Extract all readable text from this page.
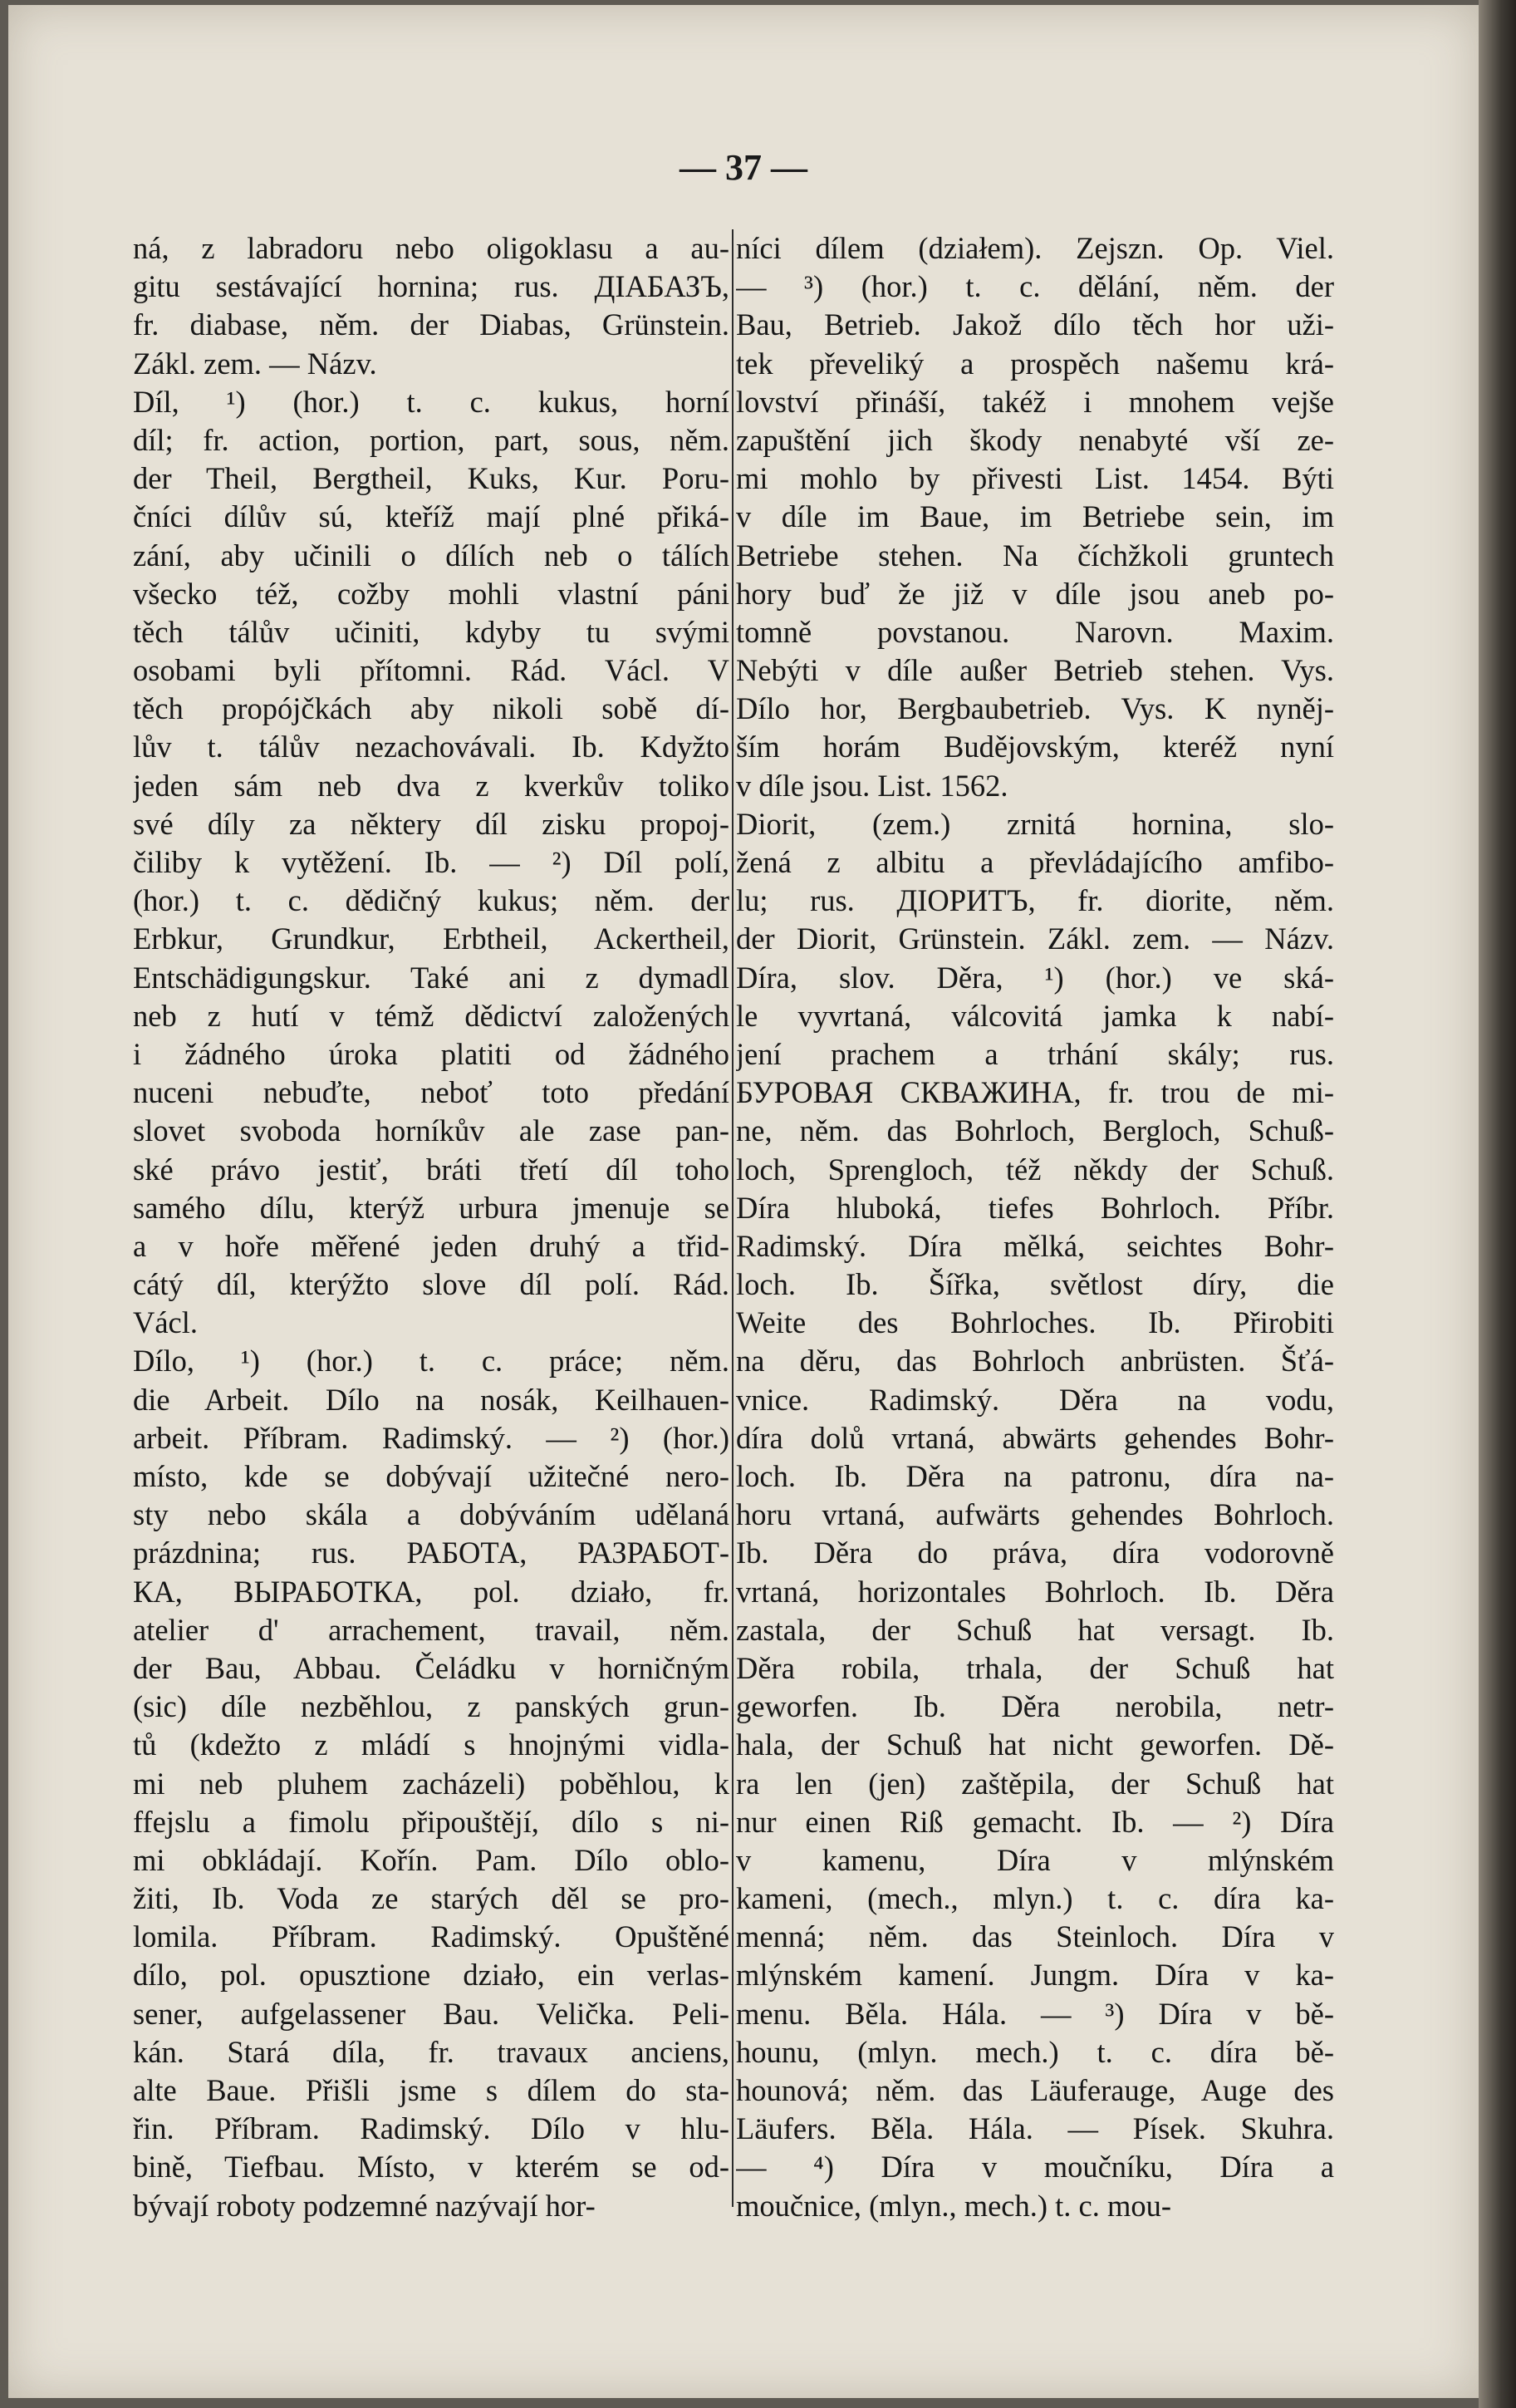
— 37 —
ná, z labradoru nebo oligoklasu a au-
gitu sestávající hornina; rus. ДІАБАЗЪ,
fr. diabase, něm. der Diabas, Grünstein.
Zákl. zem. — Názv.
Díl, ¹) (hor.) t. c. kukus, horní
díl; fr. action, portion, part, sous, něm.
der Theil, Bergtheil, Kuks, Kur. Poru-
čníci dílův sú, kteříž mají plné přiká-
zání, aby učinili o dílích neb o tálích
všecko též, cožby mohli vlastní páni
těch tálův učiniti, kdyby tu svými
osobami byli přítomni. Rád. Václ. V
těch propójčkách aby nikoli sobě dí-
lův t. tálův nezachovávali. Ib. Kdyžto
jeden sám neb dva z kverkův toliko
své díly za některy díl zisku propoj-
čiliby k vytěžení. Ib. — ²) Díl polí,
(hor.) t. c. dědičný kukus; něm. der
Erbkur, Grundkur, Erbtheil, Ackertheil,
Entschädigungskur. Také ani z dymadl
neb z hutí v témž dědictví založených
i žádného úroka platiti od žádného
nuceni nebuďte, neboť toto předání
slovet svoboda horníkův ale zase pan-
ské právo jestiť, bráti třetí díl toho
samého dílu, kterýž urbura jmenuje se
a v hoře měřené jeden druhý a třid-
cátý díl, kterýžto slove díl polí. Rád.
Václ.
Dílo, ¹) (hor.) t. c. práce; něm.
die Arbeit. Dílo na nosák, Keilhauen-
arbeit. Příbram. Radimský. — ²) (hor.)
místo, kde se dobývají užitečné nero-
sty nebo skála a dobýváním udělaná
prázdnina; rus. РАБОТА, РАЗРАБОТ-
КА, ВЫРАБОТКА, pol. działo, fr.
atelier d' arrachement, travail, něm.
der Bau, Abbau. Čeládku v horničným
(sic) díle nezběhlou, z panských grun-
tů (kdežto z mládí s hnojnými vidla-
mi neb pluhem zacházeli) poběhlou, k
ffejslu a fimolu připouštějí, dílo s ni-
mi obkládají. Kořín. Pam. Dílo oblo-
žiti, Ib. Voda ze starých děl se pro-
lomila. Příbram. Radimský. Opuštěné
dílo, pol. opusztione działo, ein verlas-
sener, aufgelassener Bau. Velička. Peli-
kán. Stará díla, fr. travaux anciens,
alte Baue. Přišli jsme s dílem do sta-
řin. Příbram. Radimský. Dílo v hlu-
bině, Tiefbau. Místo, v kterém se od-
bývají roboty podzemné nazývají hor-
níci dílem (działem). Zejszn. Op. Viel.
— ³) (hor.) t. c. dělání, něm. der
Bau, Betrieb. Jakož dílo těch hor uži-
tek převeliký a prospěch našemu krá-
lovství přináší, takéž i mnohem vejše
zapuštění jich škody nenabyté vší ze-
mi mohlo by přivesti List. 1454. Býti
v díle im Baue, im Betriebe sein, im
Betriebe stehen. Na číchžkoli gruntech
hory buď že již v díle jsou aneb po-
tomně povstanou. Narovn. Maxim.
Nebýti v díle außer Betrieb stehen. Vys.
Dílo hor, Bergbaubetrieb. Vys. K nyněj-
ším horám Budějovským, kteréž nyní
v díle jsou. List. 1562.
Diorit, (zem.) zrnitá hornina, slo-
žená z albitu a převládajícího amfibo-
lu; rus. ДІОРИТЪ, fr. diorite, něm.
der Diorit, Grünstein. Zákl. zem. — Názv.
Díra, slov. Děra, ¹) (hor.) ve ská-
le vyvrtaná, válcovitá jamka k nabí-
jení prachem a trhání skály; rus.
БУРОВАЯ СКВАЖИНА, fr. trou de mi-
ne, něm. das Bohrloch, Bergloch, Schuß-
loch, Sprengloch, též někdy der Schuß.
Díra hluboká, tiefes Bohrloch. Příbr.
Radimský. Díra mělká, seichtes Bohr-
loch. Ib. Šířka, světlost díry, die
Weite des Bohrloches. Ib. Přirobiti
na děru, das Bohrloch anbrüsten. Šťá-
vnice. Radimský. Děra na vodu,
díra dolů vrtaná, abwärts gehendes Bohr-
loch. Ib. Děra na patronu, díra na-
horu vrtaná, aufwärts gehendes Bohrloch.
Ib. Děra do práva, díra vodorovně
vrtaná, horizontales Bohrloch. Ib. Děra
zastala, der Schuß hat versagt. Ib.
Děra robila, trhala, der Schuß hat
geworfen. Ib. Děra nerobila, netr-
hala, der Schuß hat nicht geworfen. Dě-
ra len (jen) zaštěpila, der Schuß hat
nur einen Riß gemacht. Ib. — ²) Díra
v kamenu, Díra v mlýnském
kameni, (mech., mlyn.) t. c. díra ka-
menná; něm. das Steinloch. Díra v
mlýnském kamení. Jungm. Díra v ka-
menu. Běla. Hála. — ³) Díra v bě-
hounu, (mlyn. mech.) t. c. díra bě-
hounová; něm. das Läuferauge, Auge des
Läufers. Běla. Hála. — Písek. Skuhra.
— ⁴) Díra v moučníku, Díra a
moučnice, (mlyn., mech.) t. c. mou-
